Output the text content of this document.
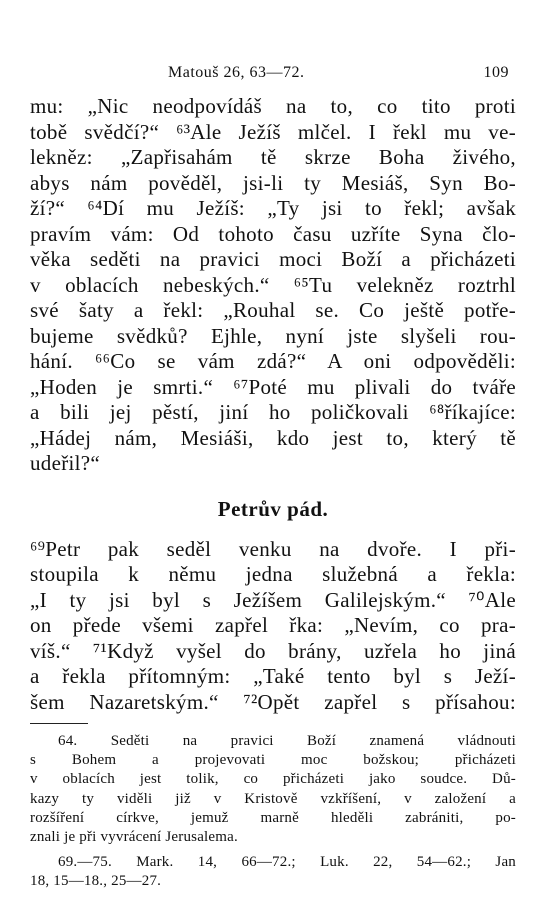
Matouš 26, 63—72.	109
mu: „Nic neodpovídáš na to, co tito proti
tobě svědčí?“ ⁶³Ale Ježíš mlčel. I řekl mu ve-
lekněz: „Zapřisahám tě skrze Boha živého,
abys nám pověděl, jsi-li ty Mesiáš, Syn Bo-
ží?“ ⁶⁴Dí mu Ježíš: „Ty jsi to řekl; avšak
pravím vám: Od tohoto času uzříte Syna člo-
věka seděti na pravici moci Boží a přicházeti
v oblacích nebeských.“ ⁶⁵Tu velekněz roztrhl
své šaty a řekl: „Rouhal se. Co ještě potře-
bujeme svědků? Ejhle, nyní jste slyšeli rou-
hání. ⁶⁶Co se vám zdá?“ A oni odpověděli:
„Hoden je smrti.“ ⁶⁷Poté mu plivali do tváře
a bili jej pěstí, jiní ho poličkovali ⁶⁸říkajíce:
„Hádej nám, Mesiáši, kdo jest to, který tě
udeřil?“
Petrův pád.
⁶⁹Petr pak seděl venku na dvoře. I při-
stoupila k němu jedna služebná a řekla:
„I ty jsi byl s Ježíšem Galilejským.“ ⁷⁰Ale
on přede všemi zapřel řka: „Nevím, co pra-
víš.“ ⁷¹Když vyšel do brány, uzřela ho jiná
a řekla přítomným: „Také tento byl s Ježí-
šem Nazaretským.“ ⁷²Opět zapřel s přísahou:
64. Seděti na pravici Boží znamená vládnouti
s Bohem a projevovati moc božskou; přicházeti
v oblacích jest tolik, co přicházeti jako soudce. Dů-
kazy ty viděli již v Kristově vzkříšení, v založení a
rozšíření církve, jemuž marně hleděli zabrániti, po-
znali je při vyvrácení Jerusalema.
69.—75. Mark. 14, 66—72.; Luk. 22, 54—62.; Jan
18, 15—18., 25—27.
